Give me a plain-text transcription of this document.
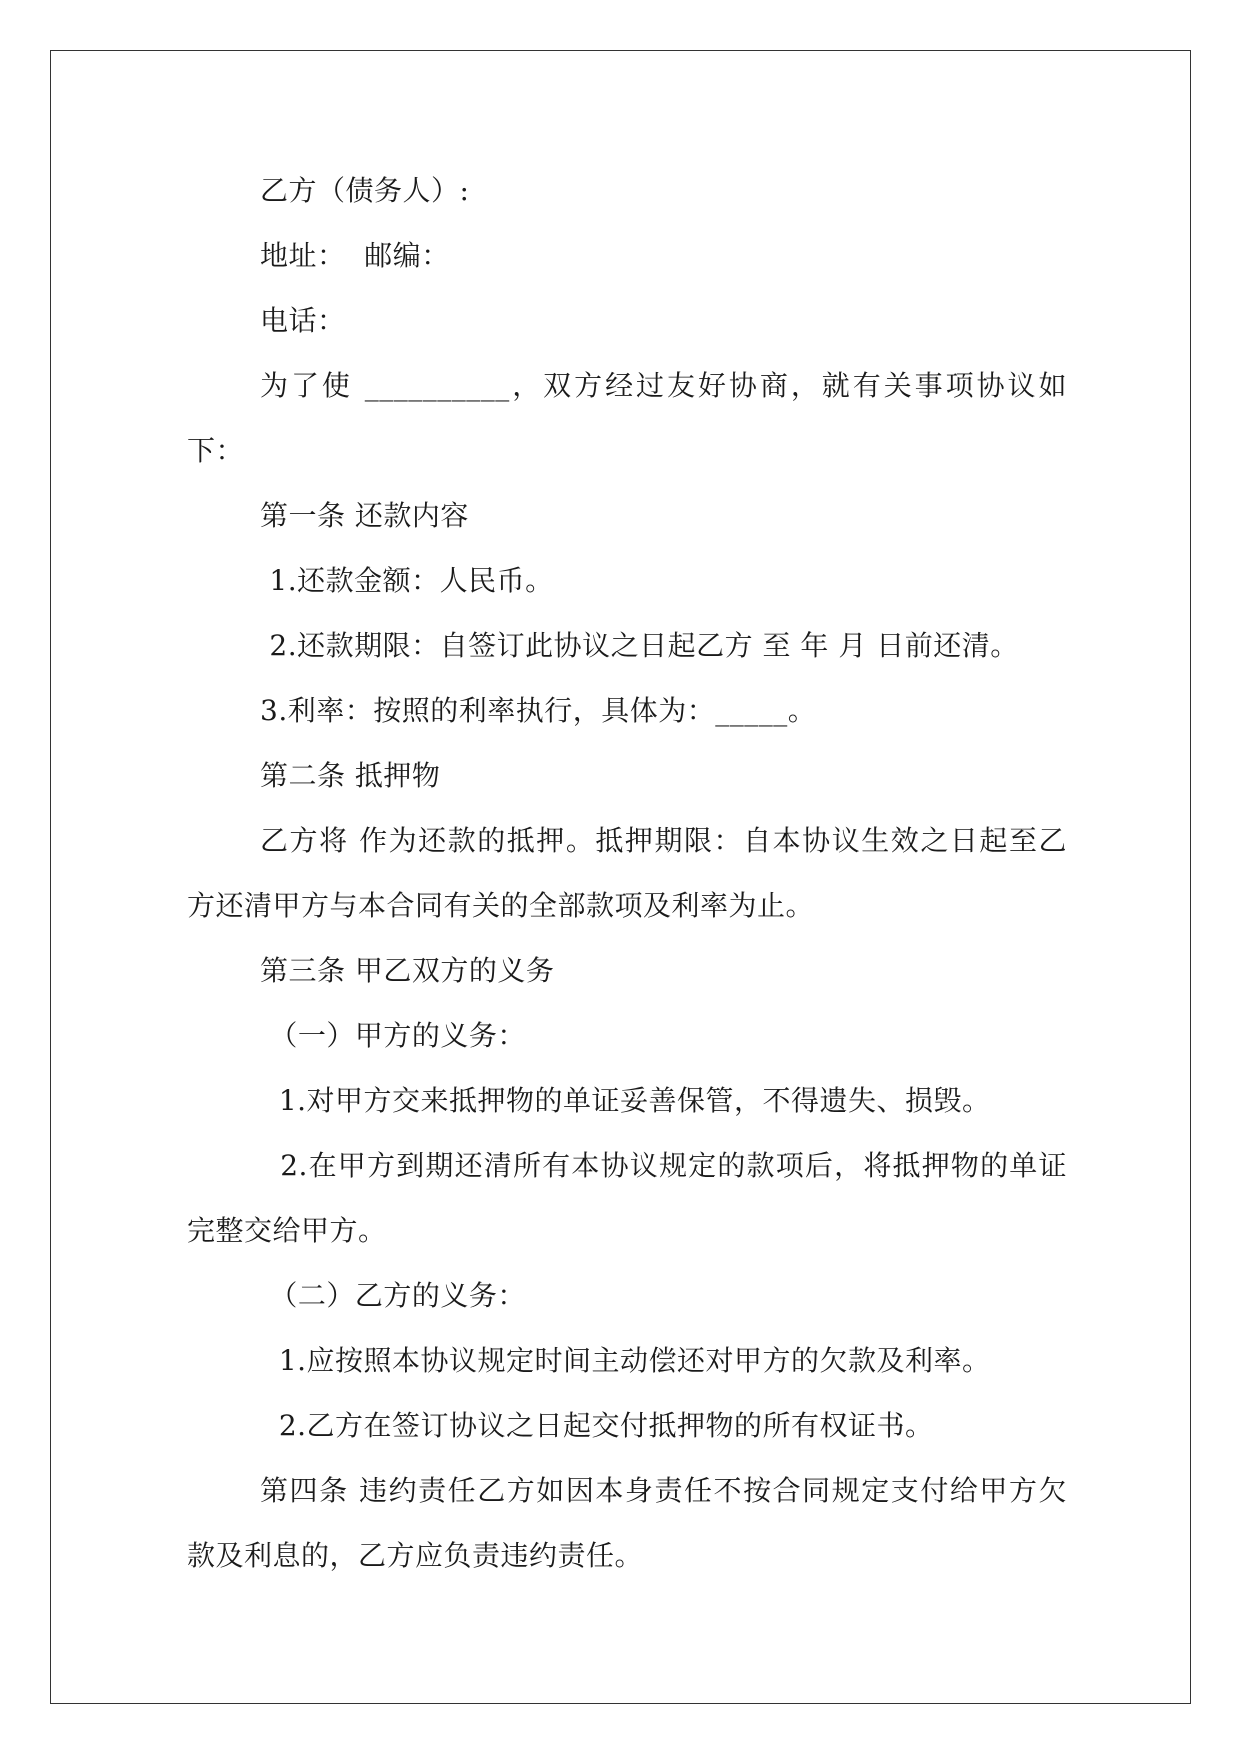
乙方（债务人）:

地址：  邮编：

电话：

为了使 __________，双方经过友好协商，就有关事项协议如下：

第一条 还款内容

1.还款金额：人民币。

2.还款期限：自签订此协议之日起乙方 至 年 月 日前还清。

3.利率：按照的利率执行，具体为：_____。

第二条 抵押物

乙方将 作为还款的抵押。抵押期限：自本协议生效之日起至乙方还清甲方与本合同有关的全部款项及利率为止。

第三条 甲乙双方的义务

（一）甲方的义务：

1.对甲方交来抵押物的单证妥善保管，不得遗失、损毁。

2.在甲方到期还清所有本协议规定的款项后，将抵押物的单证完整交给甲方。

（二）乙方的义务：

1.应按照本协议规定时间主动偿还对甲方的欠款及利率。

2.乙方在签订协议之日起交付抵押物的所有权证书。

第四条 违约责任乙方如因本身责任不按合同规定支付给甲方欠款及利息的，乙方应负责违约责任。
